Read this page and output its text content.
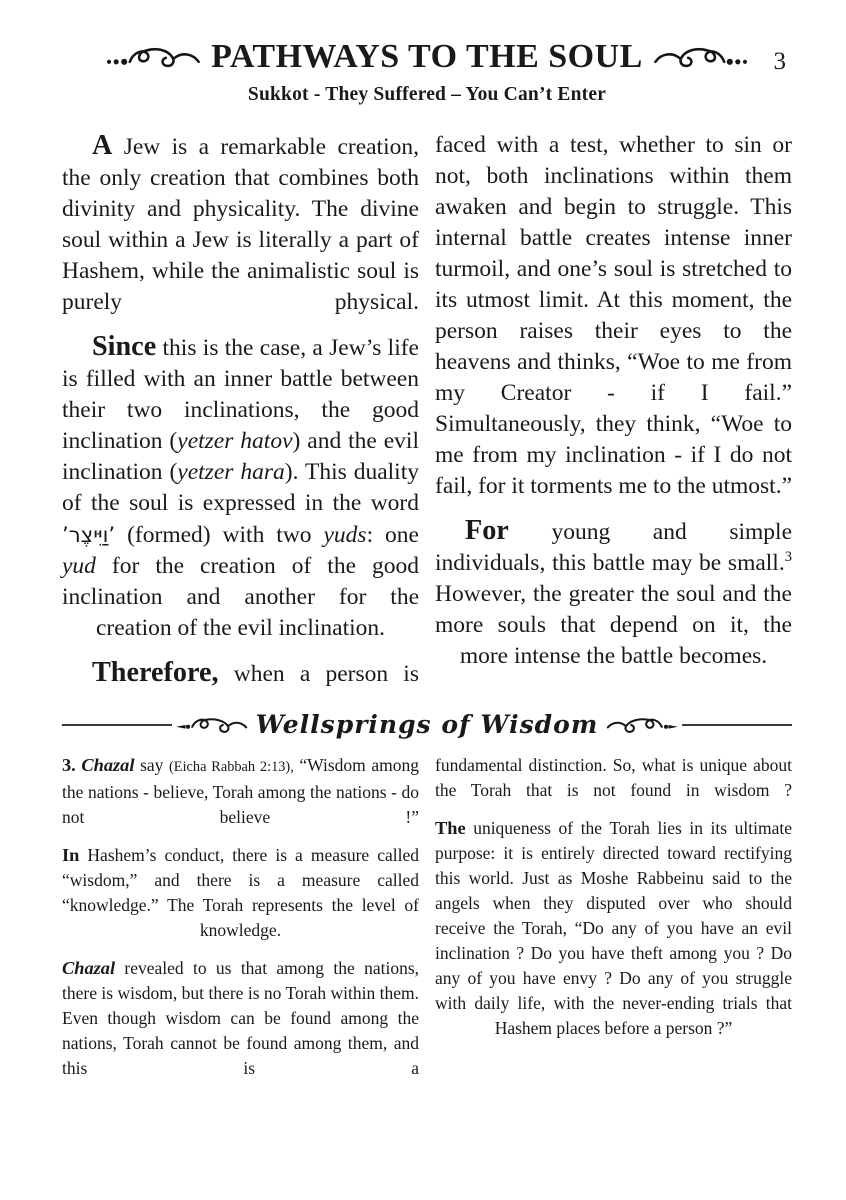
PATHWAYS TO THE SOUL	3
Sukkot - They Suffered – You Can’t Enter

A Jew is a remarkable creation, the only creation that combines both divinity and physicality. The divine soul within a Jew is literally a part of Hashem, while the animalistic soul is purely physical.

Since this is the case, a Jew’s life is filled with an inner battle between their two inclinations, the good inclination (yetzer hatov) and the evil inclination (yetzer hara). This duality of the soul is expressed in the word ’וַיִּיצֶר’ (formed) with two yuds: one yud for the creation of the good inclination and another for the creation of the evil inclination.

Therefore, when a person is

faced with a test, whether to sin or not, both inclinations within them awaken and begin to struggle. This internal battle creates intense inner turmoil, and one’s soul is stretched to its utmost limit. At this moment, the person raises their eyes to the heavens and thinks, “Woe to me from my Creator - if I fail.” Simultaneously, they think, “Woe to me from my inclination - if I do not fail, for it torments me to the utmost.”

For young and simple individuals, this battle may be small.$^3$ However, the greater the soul and the more souls that depend on it, the more intense the battle becomes.

Wellsprings of Wisdom

3. Chazal say (Eicha Rabbah 2:13), “Wisdom among the nations - believe, Torah among the nations - do not believe !”

In Hashem’s conduct, there is a measure called “wisdom,” and there is a measure called “knowledge.” The Torah represents the level of knowledge.

Chazal revealed to us that among the nations, there is wisdom, but there is no Torah within them. Even though wisdom can be found among the nations, Torah cannot be found among them, and this is a

fundamental distinction. So, what is unique about the Torah that is not found in wisdom ?

The uniqueness of the Torah lies in its ultimate purpose: it is entirely directed toward rectifying this world. Just as Moshe Rabbeinu said to the angels when they disputed over who should receive the Torah, “Do any of you have an evil inclination ? Do you have theft among you ? Do any of you have envy ? Do any of you struggle with daily life, with the never-ending trials that Hashem places before a person ?”
